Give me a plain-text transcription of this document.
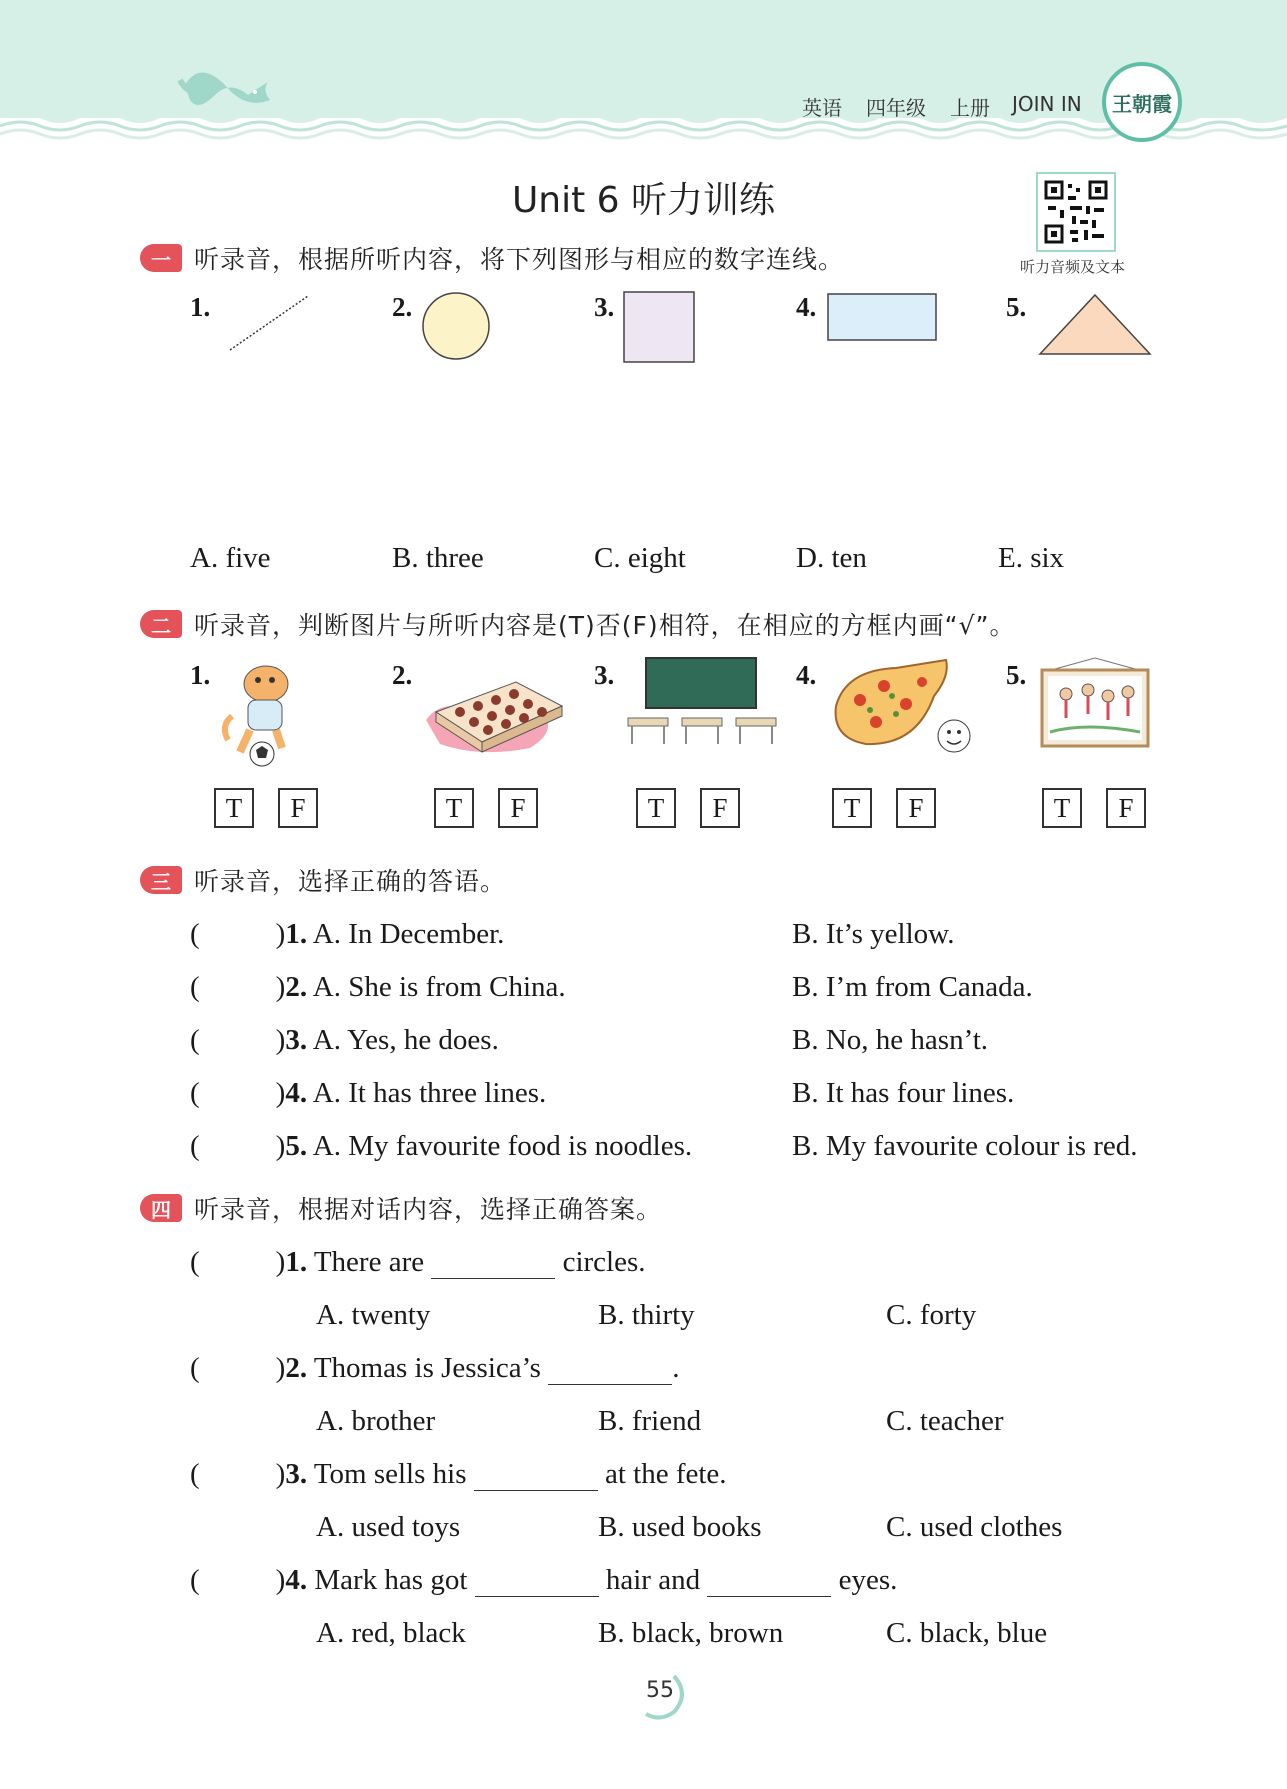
英语 四年级 上册 JOIN IN 王朝霞
听力音频及文本
Unit 6 听力训练
一 听录音，根据所听内容，将下列图形与相应的数字连线。
1.	2.	3.	4.	5.
A. five	B. three	C. eight	D. ten	E. six
二 听录音，判断图片与所听内容是(T)否(F)相符，在相应的方框内画“√”。
1.	2.	3.	4.	5.
T	F	T	F	T	F	T	F	T	F
三 听录音，选择正确的答语。
(	)1. A. In December.	B. It’s yellow.
(	)2. A. She is from China.	B. I’m from Canada.
(	)3. A. Yes, he does.	B. No, he hasn’t.
(	)4. A. It has three lines.	B. It has four lines.
(	)5. A. My favourite food is noodles.	B. My favourite colour is red.
四 听录音，根据对话内容，选择正确答案。
(	)1. There are	circles.
A. twenty	B. thirty	C. forty
(	)2. Thomas is Jessica’s	.
A. brother	B. friend	C. teacher
(	)3. Tom sells his	at the fete.
A. used toys	B. used books	C. used clothes
(	)4. Mark has got	hair and	eyes.
A. red, black	B. black, brown	C. black, blue
55
